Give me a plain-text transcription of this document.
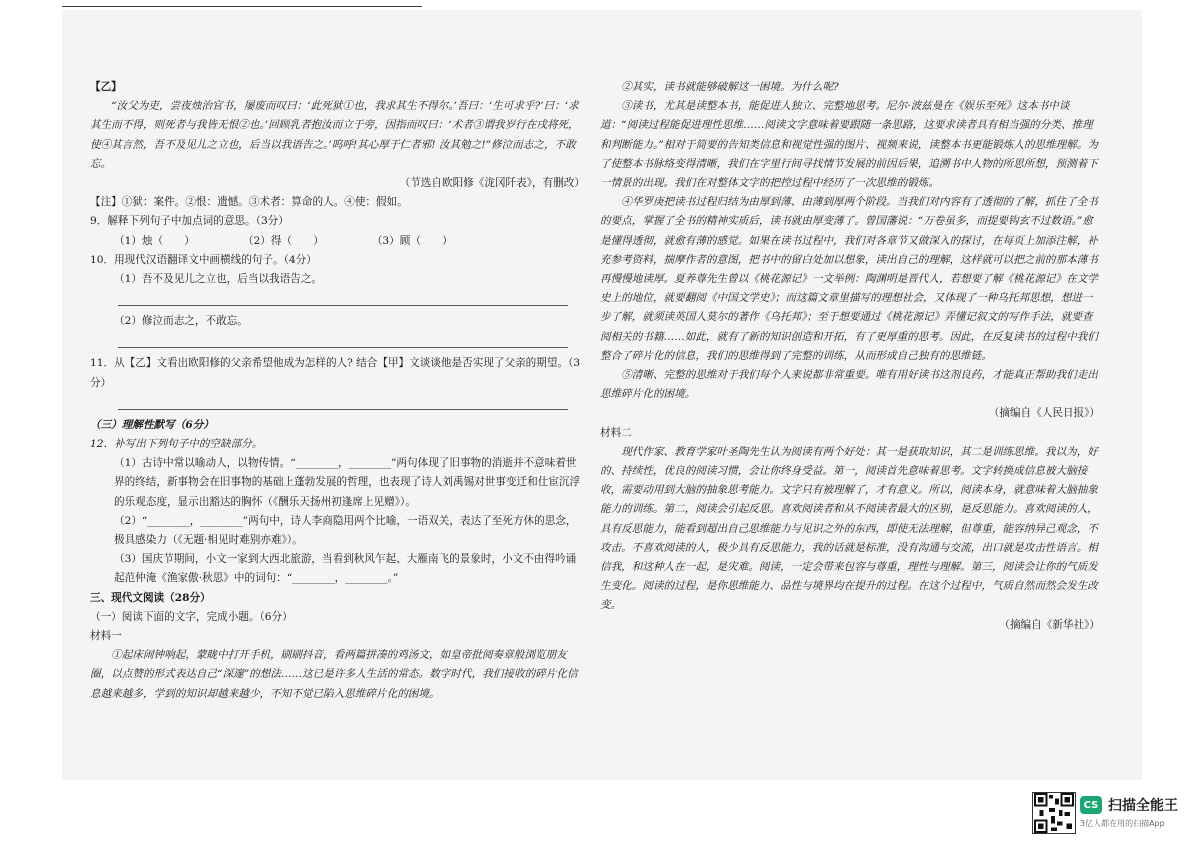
【乙】

“汝父为吏，尝夜烛治官书，屡废而叹曰：‘此死狱①也，我求其生不得尔。’吾曰：‘生可求乎?’曰：‘求其生而不得，则死者与我皆无恨②也。’回顾乳者抱汝而立于旁，因指而叹曰：‘术者③谓我岁行在戌将死，使④其言然，吾不及见儿之立也，后当以我语告之。’呜呼!其心厚于仁者邪! 汝其勉之!”修泣而志之，不敢忘。

（节选自欧阳修《泷冈阡表》，有删改）

【注】①狱：案件。②恨：遗憾。③术者：算命的人。④使：假如。

9．解释下列句子中加点词的意思。（3分）

（1）烛（　　）	（2）得（　　）	（3）顾（　　）

10．用现代汉语翻译文中画横线的句子。（4分）

（1）吾不及见儿之立也，后当以我语告之。

（2）修泣而志之，不敢忘。

11．从【乙】文看出欧阳修的父亲希望他成为怎样的人? 结合【甲】文谈谈他是否实现了父亲的期望。（3分）

（三）理解性默写（6分）

12．补写出下列句子中的空缺部分。

（1）古诗中常以喻动人，以物传情。“________，________”两句体现了旧事物的消逝并不意味着世界的终结，新事物会在旧事物的基础上蓬勃发展的哲理，也表现了诗人刘禹锡对世事变迁和仕宦沉浮的乐观态度，显示出豁达的胸怀（《酬乐天扬州初逢席上见赠》）。

（2）“________，________”两句中，诗人李商隐用两个比喻，一语双关，表达了至死方休的思念，极具感染力（《无题·相见时难别亦难》）。

（3）国庆节期间，小文一家到大西北旅游，当看到秋风乍起、大雁南飞的景象时，小文不由得吟诵起范仲淹《渔家傲·秋思》中的词句：“________，________。”

三、现代文阅读（28分）

（一）阅读下面的文字，完成小题。（6分）

材料一

①起床闹钟响起，蒙眬中打开手机，刷刷抖音，看两篇拼凑的鸡汤文，如皇帝批阅奏章般浏览朋友圈，以点赞的形式表达自己“深邃”的想法……这已是许多人生活的常态。数字时代，我们接收的碎片化信息越来越多，学到的知识却越来越少，不知不觉已陷入思维碎片化的困境。

②其实，读书就能够破解这一困境。为什么呢?

③读书，尤其是读整本书，能促进人独立、完整地思考。尼尔·波兹曼在《娱乐至死》这本书中谈道：“阅读过程能促进理性思维……阅读文字意味着要跟随一条思路，这要求读者具有相当强的分类、推理和判断能力。”相对于简要的告知类信息和视觉性强的图片、视频来说，读整本书更能锻炼人的思维理解。为了使整本书脉络变得清晰，我们在字里行间寻找情节发展的前因后果，追溯书中人物的所思所想，预测着下一情景的出现。我们在对整体文字的把控过程中经历了一次思维的锻炼。

④华罗庚把读书过程归结为由厚到薄、由薄到厚两个阶段。当我们对内容有了透彻的了解，抓住了全书的要点，掌握了全书的精神实质后，读书就由厚变薄了。曾国藩说：“万卷虽多，而提要钩玄不过数语。”愈是懂得透彻，就愈有薄的感觉。如果在读书过程中，我们对各章节又做深入的探讨，在每页上加添注解，补充参考资料，揣摩作者的意图，把书中的留白处加以想象，读出自己的理解，这样就可以把之前的那本薄书再慢慢地读厚。夏养尊先生曾以《桃花源记》一文举例：陶渊明是晋代人，若想要了解《桃花源记》在文学史上的地位，就要翻阅《中国文学史》；而这篇文章里描写的理想社会，又体现了一种乌托邦思想，想进一步了解，就须读英国人莫尔的著作《乌托邦》；至于想要通过《桃花源记》弄懂记叙文的写作手法，就要查阅相关的书籍……如此，就有了新的知识创造和开拓，有了更厚重的思考。因此，在反复读书的过程中我们整合了碎片化的信息，我们的思维得到了完整的训练，从而形成自己独有的思维链。

⑤清晰、完整的思维对于我们每个人来说都非常重要。唯有用好读书这剂良药，才能真正帮助我们走出思维碎片化的困境。

（摘编自《人民日报》）

材料二

现代作家、教育学家叶圣陶先生认为阅读有两个好处：其一是获取知识，其二是训练思维。我以为，好的、持续性，优良的阅读习惯，会让你终身受益。第一，阅读首先意味着思考。文字转换成信息被大脑接收，需要动用到大脑的抽象思考能力。文字只有被理解了，才有意义。所以，阅读本身，就意味着大脑抽象能力的训练。第二，阅读会引起反思。喜欢阅读者和从不阅读者最大的区别，是反思能力。喜欢阅读的人，具有反思能力，能看到超出自己思维能力与见识之外的东西，即使无法理解，但尊重，能容纳异己观念，不攻击。不喜欢阅读的人，极少具有反思能力，我的话就是标准，没有沟通与交流，出口就是攻击性语言。相信我，和这种人在一起，是灾难。阅读，一定会带来包容与尊重，理性与理解。第三，阅读会让你的气质发生变化。阅读的过程，是你思维能力、品性与境界均在提升的过程。在这个过程中，气质自然而然会发生改变。

（摘编自《新华社》）

CS 扫描全能王
3亿人都在用的扫描App
